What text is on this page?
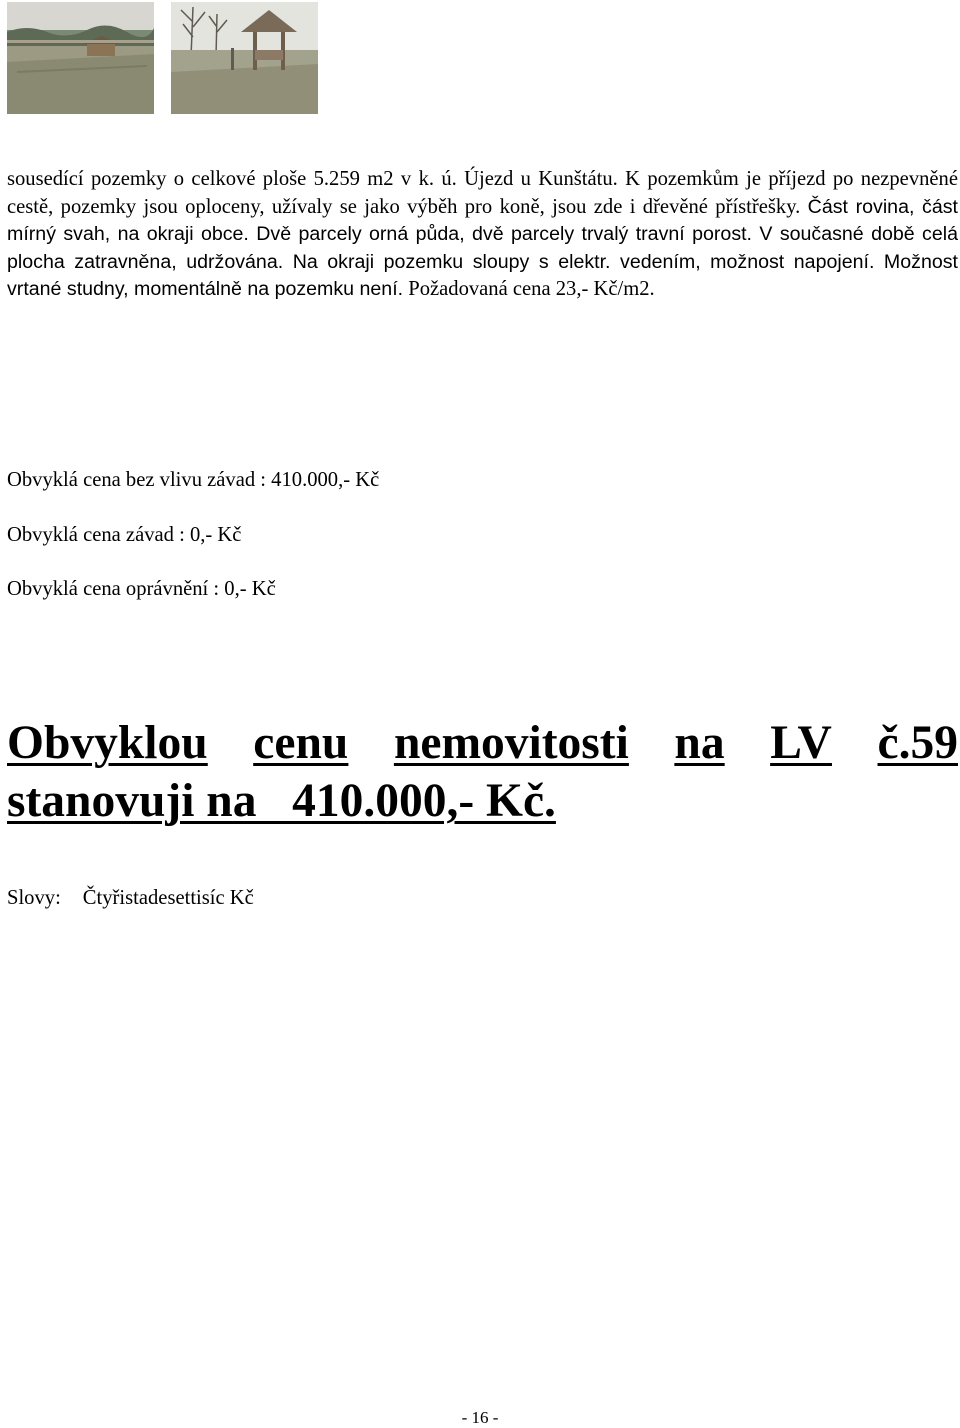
sousedící pozemky o celkové ploše 5.259 m2 v k. ú. Újezd u Kunštátu. K pozemkům je příjezd po nezpevněné cestě, pozemky jsou oploceny, užívaly se jako výběh pro koně, jsou zde i dřevěné přístřešky. Část rovina, část mírný svah, na okraji obce. Dvě parcely orná půda, dvě parcely trvalý travní porost. V současné době celá plocha zatravněna, udržována. Na okraji pozemku sloupy s elektr. vedením, možnost napojení. Možnost vrtané studny, momentálně na pozemku není. Požadovaná cena 23,- Kč/m2.

Obvyklá cena bez vlivu závad : 410.000,- Kč
Obvyklá cena závad : 0,- Kč
Obvyklá cena oprávnění : 0,- Kč
Obvyklou cenu nemovitosti na LV č.59
stanovuji na   410.000,- Kč.
Slovy: Čtyřistadesettisíc Kč
- 16 -
